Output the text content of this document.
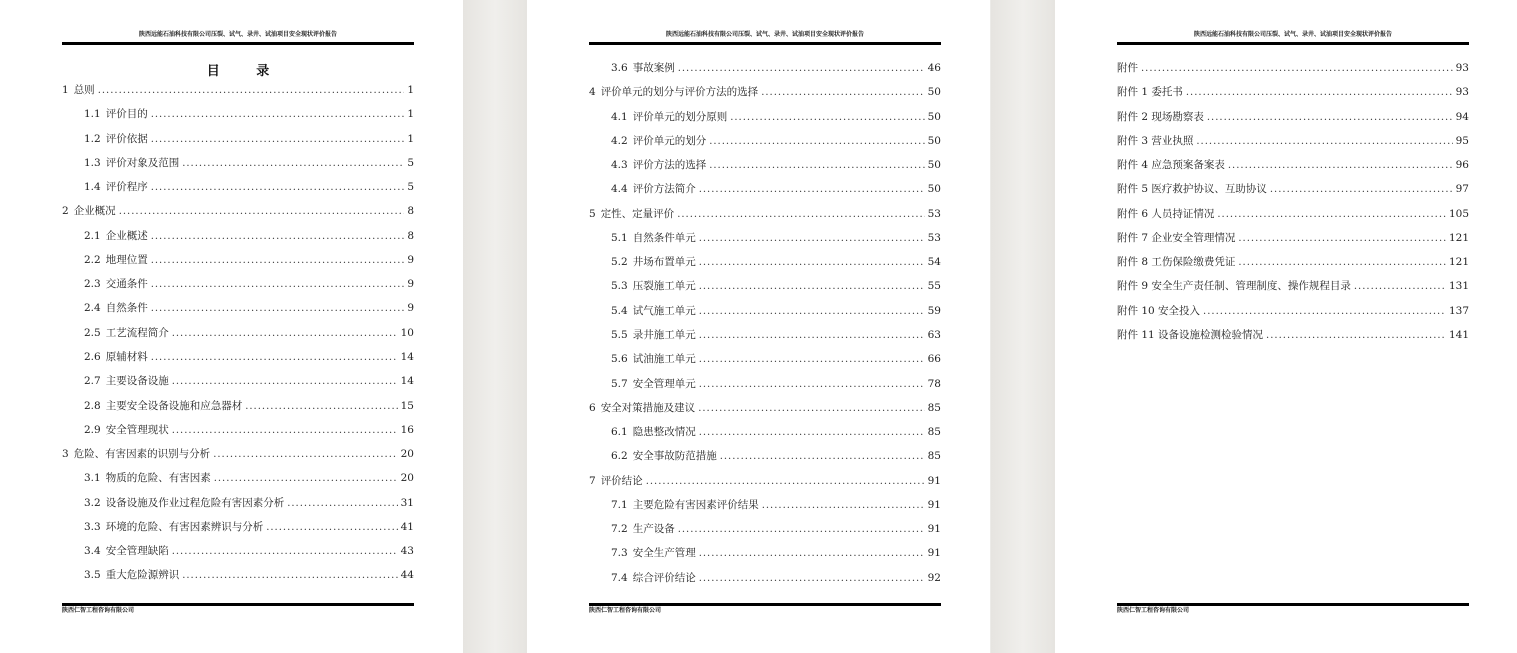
陕西远能石油科技有限公司压裂、试气、录井、试油项目安全现状评价报告
目 录
1 总则 .....	1
1.1 评价目的 .....	1
1.2 评价依据 .....	1
1.3 评价对象及范围 .....	5
1.4 评价程序 .....	5
2 企业概况 .....	8
2.1 企业概述 .....	8
2.2 地理位置 .....	9
2.3 交通条件 .....	9
2.4 自然条件 .....	9
2.5 工艺流程简介 .....	10
2.6 原辅材料 .....	14
2.7 主要设备设施 .....	14
2.8 主要安全设备设施和应急器材 .....	15
2.9 安全管理现状 .....	16
3 危险、有害因素的识别与分析 .....	20
3.1 物质的危险、有害因素 .....	20
3.2 设备设施及作业过程危险有害因素分析 .....	31
3.3 环境的危险、有害因素辨识与分析 .....	41
3.4 安全管理缺陷 .....	43
3.5 重大危险源辨识 .....	44
陕西仁智工程咨询有限公司
陕西远能石油科技有限公司压裂、试气、录井、试油项目安全现状评价报告
3.6 事故案例 .....	46
4 评价单元的划分与评价方法的选择 .....	50
4.1 评价单元的划分原则 .....	50
4.2 评价单元的划分 .....	50
4.3 评价方法的选择 .....	50
4.4 评价方法简介 .....	50
5 定性、定量评价 .....	53
5.1 自然条件单元 .....	53
5.2 井场布置单元 .....	54
5.3 压裂施工单元 .....	55
5.4 试气施工单元 .....	59
5.5 录井施工单元 .....	63
5.6 试油施工单元 .....	66
5.7 安全管理单元 .....	78
6 安全对策措施及建议 .....	85
6.1 隐患整改情况 .....	85
6.2 安全事故防范措施 .....	85
7 评价结论 .....	91
7.1 主要危险有害因素评价结果 .....	91
7.2 生产设备 .....	91
7.3 安全生产管理 .....	91
7.4 综合评价结论 .....	92
陕西仁智工程咨询有限公司
陕西远能石油科技有限公司压裂、试气、录井、试油项目安全现状评价报告
附件 .....	93
附件 1 委托书 .....	93
附件 2 现场勘察表 .....	94
附件 3 营业执照 .....	95
附件 4 应急预案备案表 .....	96
附件 5 医疗救护协议、互助协议 .....	97
附件 6 人员持证情况 .....	105
附件 7 企业安全管理情况 .....	121
附件 8 工伤保险缴费凭证 .....	121
附件 9 安全生产责任制、管理制度、操作规程目录 .....	131
附件 10 安全投入 .....	137
附件 11 设备设施检测检验情况 .....	141
陕西仁智工程咨询有限公司
